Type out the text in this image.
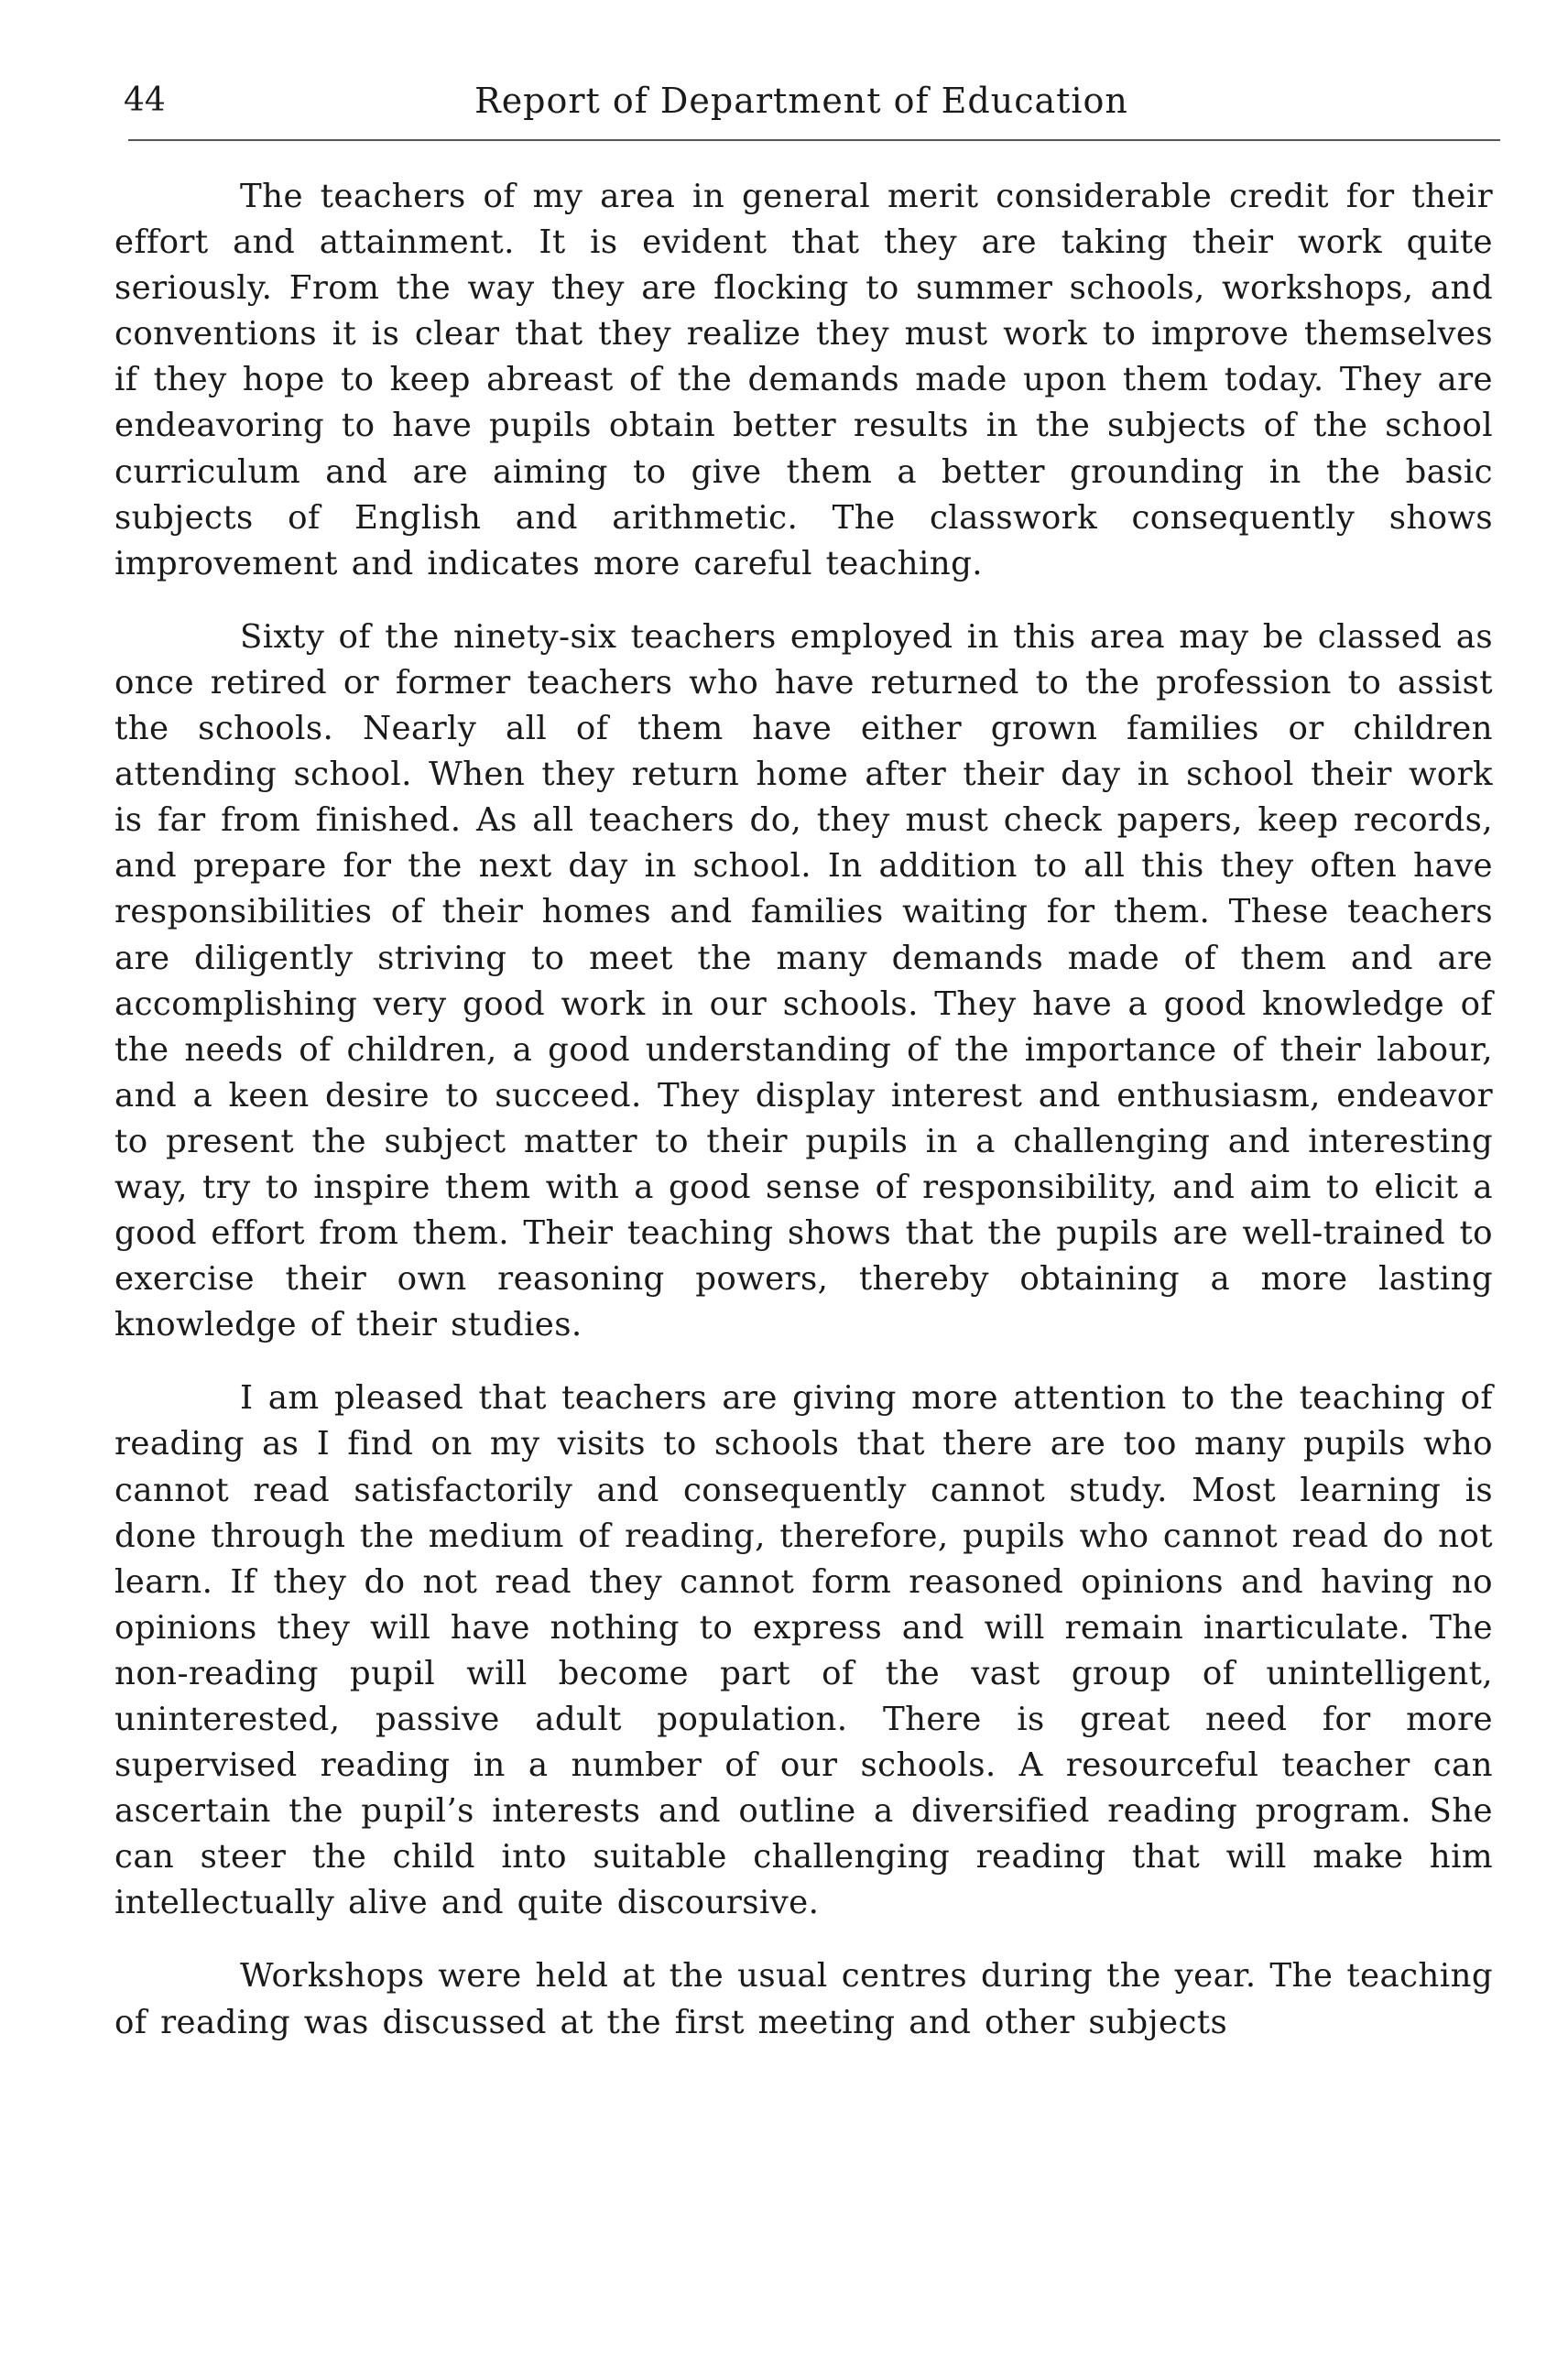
44	Report of Department of Education

The teachers of my area in general merit considerable credit for their effort and attainment. It is evident that they are taking their work quite seriously. From the way they are flocking to summer schools, workshops, and conventions it is clear that they realize they must work to improve themselves if they hope to keep abreast of the demands made upon them today. They are endeavoring to have pupils obtain better results in the subjects of the school curriculum and are aiming to give them a better grounding in the basic subjects of English and arithmetic. The classwork consequently shows improvement and indicates more careful teaching.

Sixty of the ninety-six teachers employed in this area may be classed as once retired or former teachers who have returned to the profession to assist the schools. Nearly all of them have either grown families or children attending school. When they return home after their day in school their work is far from finished. As all teachers do, they must check papers, keep records, and prepare for the next day in school. In addition to all this they often have responsibilities of their homes and families waiting for them. These teachers are diligently striving to meet the many demands made of them and are accomplishing very good work in our schools. They have a good knowledge of the needs of children, a good understanding of the importance of their labour, and a keen desire to succeed. They display interest and enthusiasm, endeavor to present the subject matter to their pupils in a challenging and interesting way, try to inspire them with a good sense of responsibility, and aim to elicit a good effort from them. Their teaching shows that the pupils are well-trained to exercise their own reasoning powers, thereby obtaining a more lasting knowledge of their studies.

I am pleased that teachers are giving more attention to the teaching of reading as I find on my visits to schools that there are too many pupils who cannot read satisfactorily and consequently cannot study. Most learning is done through the medium of reading, therefore, pupils who cannot read do not learn. If they do not read they cannot form reasoned opinions and having no opinions they will have nothing to express and will remain inarticulate. The non-reading pupil will become part of the vast group of unintelligent, uninterested, passive adult population. There is great need for more supervised reading in a number of our schools. A resourceful teacher can ascertain the pupil’s interests and outline a diversified reading program. She can steer the child into suitable challenging reading that will make him intellectually alive and quite discoursive.

Workshops were held at the usual centres during the year. The teaching of reading was discussed at the first meeting and other subjects
